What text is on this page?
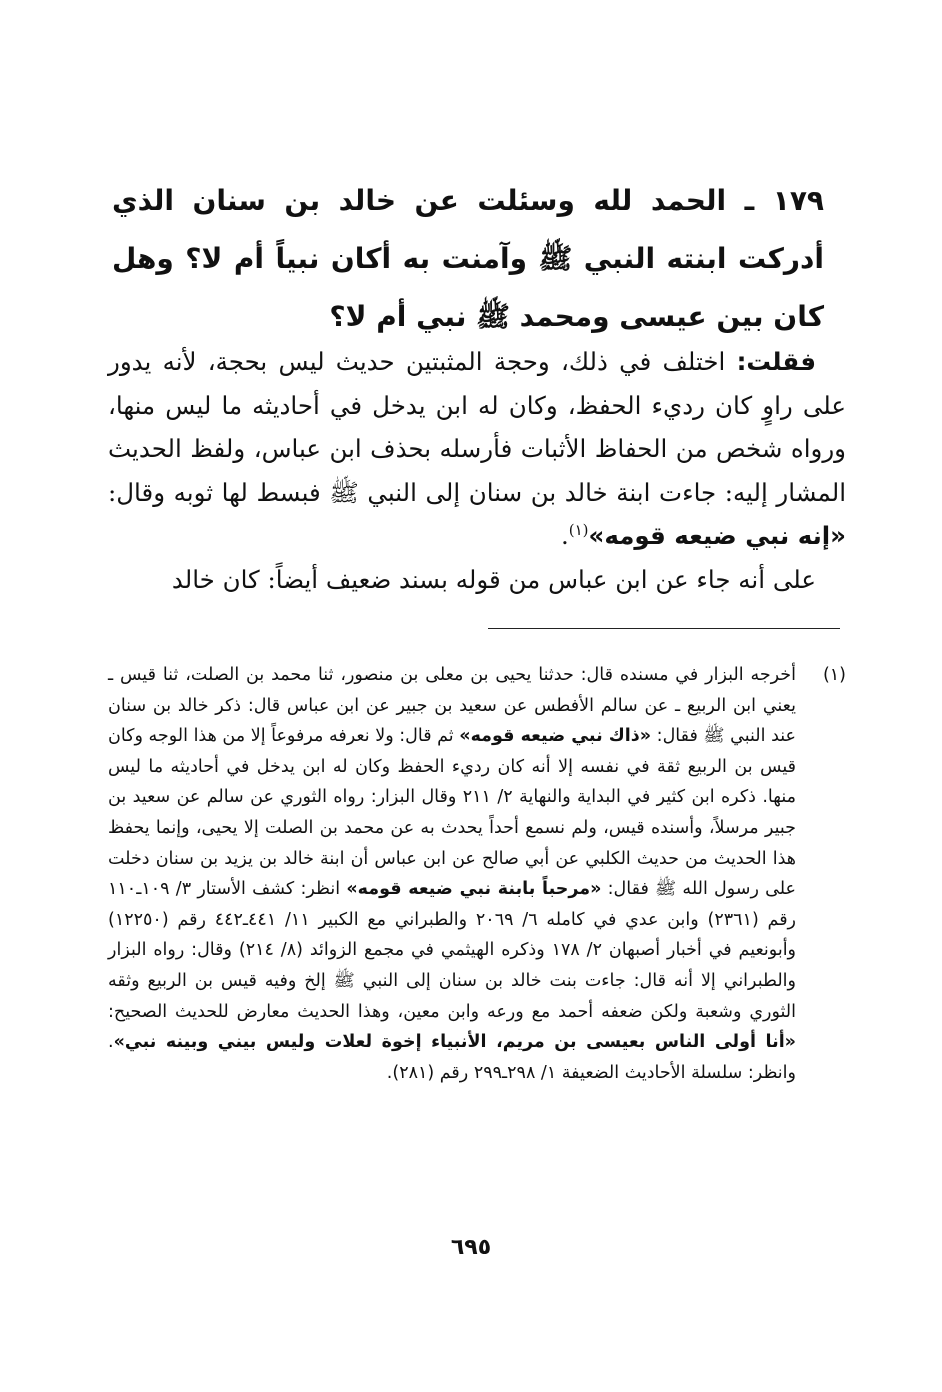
١٧٩ ـ الحمد لله وسئلت عن خالد بن سنان الذي أدركت ابنته النبي ﷺ وآمنت به أكان نبياً أم لا؟ وهل كان بين عيسى ومحمد ﷺ نبي أم لا؟

فقلت: اختلف في ذلك، وحجة المثبتين حديث ليس بحجة، لأنه يدور على راوٍ كان رديء الحفظ، وكان له ابن يدخل في أحاديثه ما ليس منها، ورواه شخص من الحفاظ الأثبات فأرسله بحذف ابن عباس، ولفظ الحديث المشار إليه: جاءت ابنة خالد بن سنان إلى النبي ﷺ فبسط لها ثوبه وقال: «إنه نبي ضيعه قومه»$^{(١)}$.

على أنه جاء عن ابن عباس من قوله بسند ضعيف أيضاً: كان خالد

(١)
أخرجه البزار في مسنده قال: حدثنا يحيى بن معلى بن منصور، ثنا محمد بن الصلت، ثنا قيس ـ يعني ابن الربيع ـ عن سالم الأفطس عن سعيد بن جبير عن ابن عباس قال: ذكر خالد بن سنان عند النبي ﷺ فقال: «ذاك نبي ضيعه قومه» ثم قال: ولا نعرفه مرفوعاً إلا من هذا الوجه وكان قيس بن الربيع ثقة في نفسه إلا أنه كان رديء الحفظ وكان له ابن يدخل في أحاديثه ما ليس منها. ذكره ابن كثير في البداية والنهاية ٢/ ٢١١ وقال البزار: رواه الثوري عن سالم عن سعيد بن جبير مرسلاً، وأسنده قيس، ولم نسمع أحداً يحدث به عن محمد بن الصلت إلا يحيى، وإنما يحفظ هذا الحديث من حديث الكلبي عن أبي صالح عن ابن عباس أن ابنة خالد بن يزيد بن سنان دخلت على رسول الله ﷺ فقال: «مرحباً بابنة نبي ضيعه قومه» انظر: كشف الأستار ٣/ ١٠٩ـ١١٠ رقم (٢٣٦١) وابن عدي في كامله ٦/ ٢٠٦٩ والطبراني مع الكبير ١١/ ٤٤١ـ٤٤٢ رقم (١٢٢٥٠) وأبونعيم في أخبار أصبهان ٢/ ١٧٨ وذكره الهيثمي في مجمع الزوائد (٨/ ٢١٤) وقال: رواه البزار والطبراني إلا أنه قال: جاءت بنت خالد بن سنان إلى النبي ﷺ إلخ وفيه قيس بن الربيع وثقه الثوري وشعبة ولكن ضعفه أحمد مع ورعه وابن معين، وهذا الحديث معارض للحديث الصحيح: «أنا أولى الناس بعيسى بن مريم، الأنبياء إخوة لعلات وليس بيني وبينه نبي». وانظر: سلسلة الأحاديث الضعيفة ١/ ٢٩٨ـ٢٩٩ رقم (٢٨١).
٦٩٥
